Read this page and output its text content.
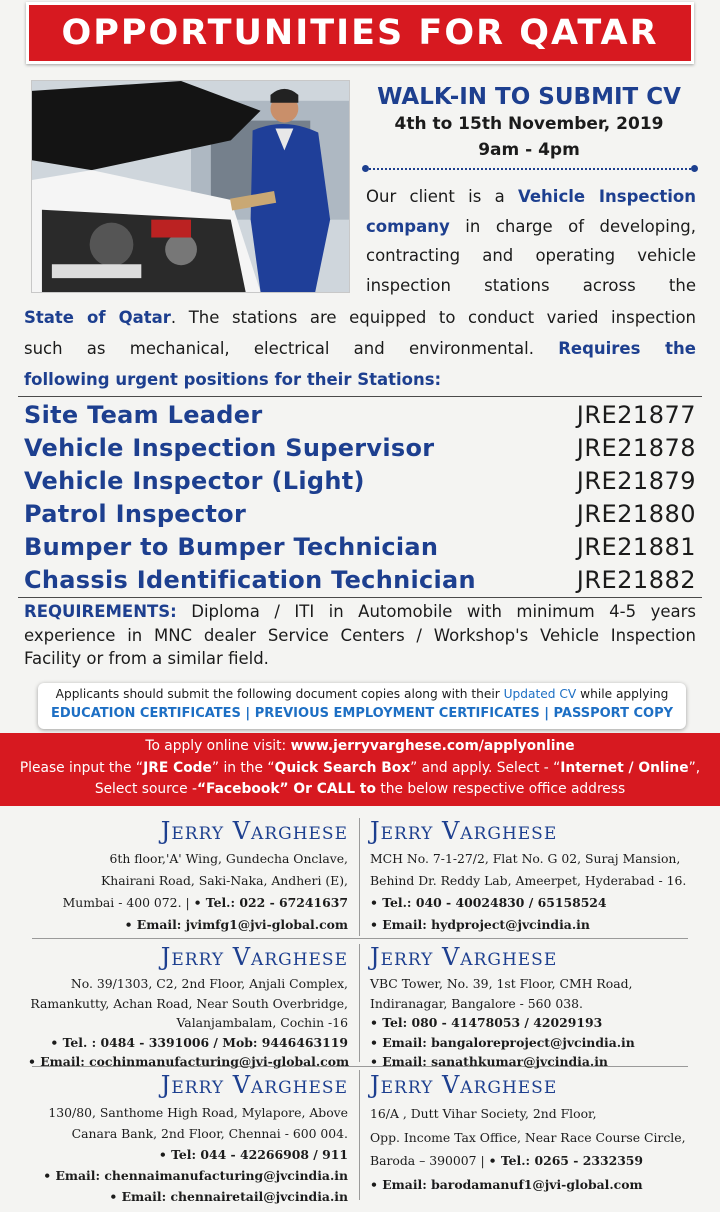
OPPORTUNITIES FOR QATAR
WALK-IN TO SUBMIT CV
4th to 15th November, 2019
9am - 4pm
Our client is a Vehicle Inspection
company in charge of developing,
contracting and operating vehicle
inspection stations across the
State of Qatar. The stations are equipped to conduct varied inspection
such as mechanical, electrical and environmental. Requires the
following urgent positions for their Stations:
Site Team Leader	JRE21877
Vehicle Inspection Supervisor	JRE21878
Vehicle Inspector (Light)	JRE21879
Patrol Inspector	JRE21880
Bumper to Bumper Technician	JRE21881
Chassis Identification Technician	JRE21882
REQUIREMENTS: Diploma / ITI in Automobile with minimum 4-5 years
experience in MNC dealer Service Centers / Workshop's Vehicle Inspection
Facility or from a similar field.
Applicants should submit the following document copies along with their Updated CV while applying
EDUCATION CERTIFICATES | PREVIOUS EMPLOYMENT CERTIFICATES | PASSPORT COPY
To apply online visit: www.jerryvarghese.com/applyonline
Please input the “JRE Code” in the “Quick Search Box” and apply. Select - “Internet / Online”,
Select source -“Facebook” Or CALL to the below respective office address
Jerry Varghese
6th floor,'A' Wing, Gundecha Onclave,
Khairani Road, Saki-Naka, Andheri (E),
Mumbai - 400 072. | • Tel.: 022 - 67241637
• Email: jvimfg1@jvi-global.com
Jerry Varghese
MCH No. 7-1-27/2, Flat No. G 02, Suraj Mansion,
Behind Dr. Reddy Lab, Ameerpet, Hyderabad - 16.
• Tel.: 040 - 40024830 / 65158524
• Email: hydproject@jvcindia.in
Jerry Varghese
No. 39/1303, C2, 2nd Floor, Anjali Complex,
Ramankutty, Achan Road, Near South Overbridge,
Valanjambalam, Cochin -16
• Tel. : 0484 - 3391006 / Mob: 9446463119
• Email: cochinmanufacturing@jvi-global.com
Jerry Varghese
VBC Tower, No. 39, 1st Floor, CMH Road,
Indiranagar, Bangalore - 560 038.
• Tel: 080 - 41478053 / 42029193
• Email: bangaloreproject@jvcindia.in
• Email: sanathkumar@jvcindia.in
Jerry Varghese
130/80, Santhome High Road, Mylapore, Above
Canara Bank, 2nd Floor, Chennai - 600 004.
• Tel: 044 - 42266908 / 911
• Email: chennaimanufacturing@jvcindia.in
• Email: chennairetail@jvcindia.in
Jerry Varghese
16/A , Dutt Vihar Society, 2nd Floor,
Opp. Income Tax Office, Near Race Course Circle,
Baroda – 390007 | • Tel.: 0265 - 2332359
• Email: barodamanuf1@jvi-global.com
